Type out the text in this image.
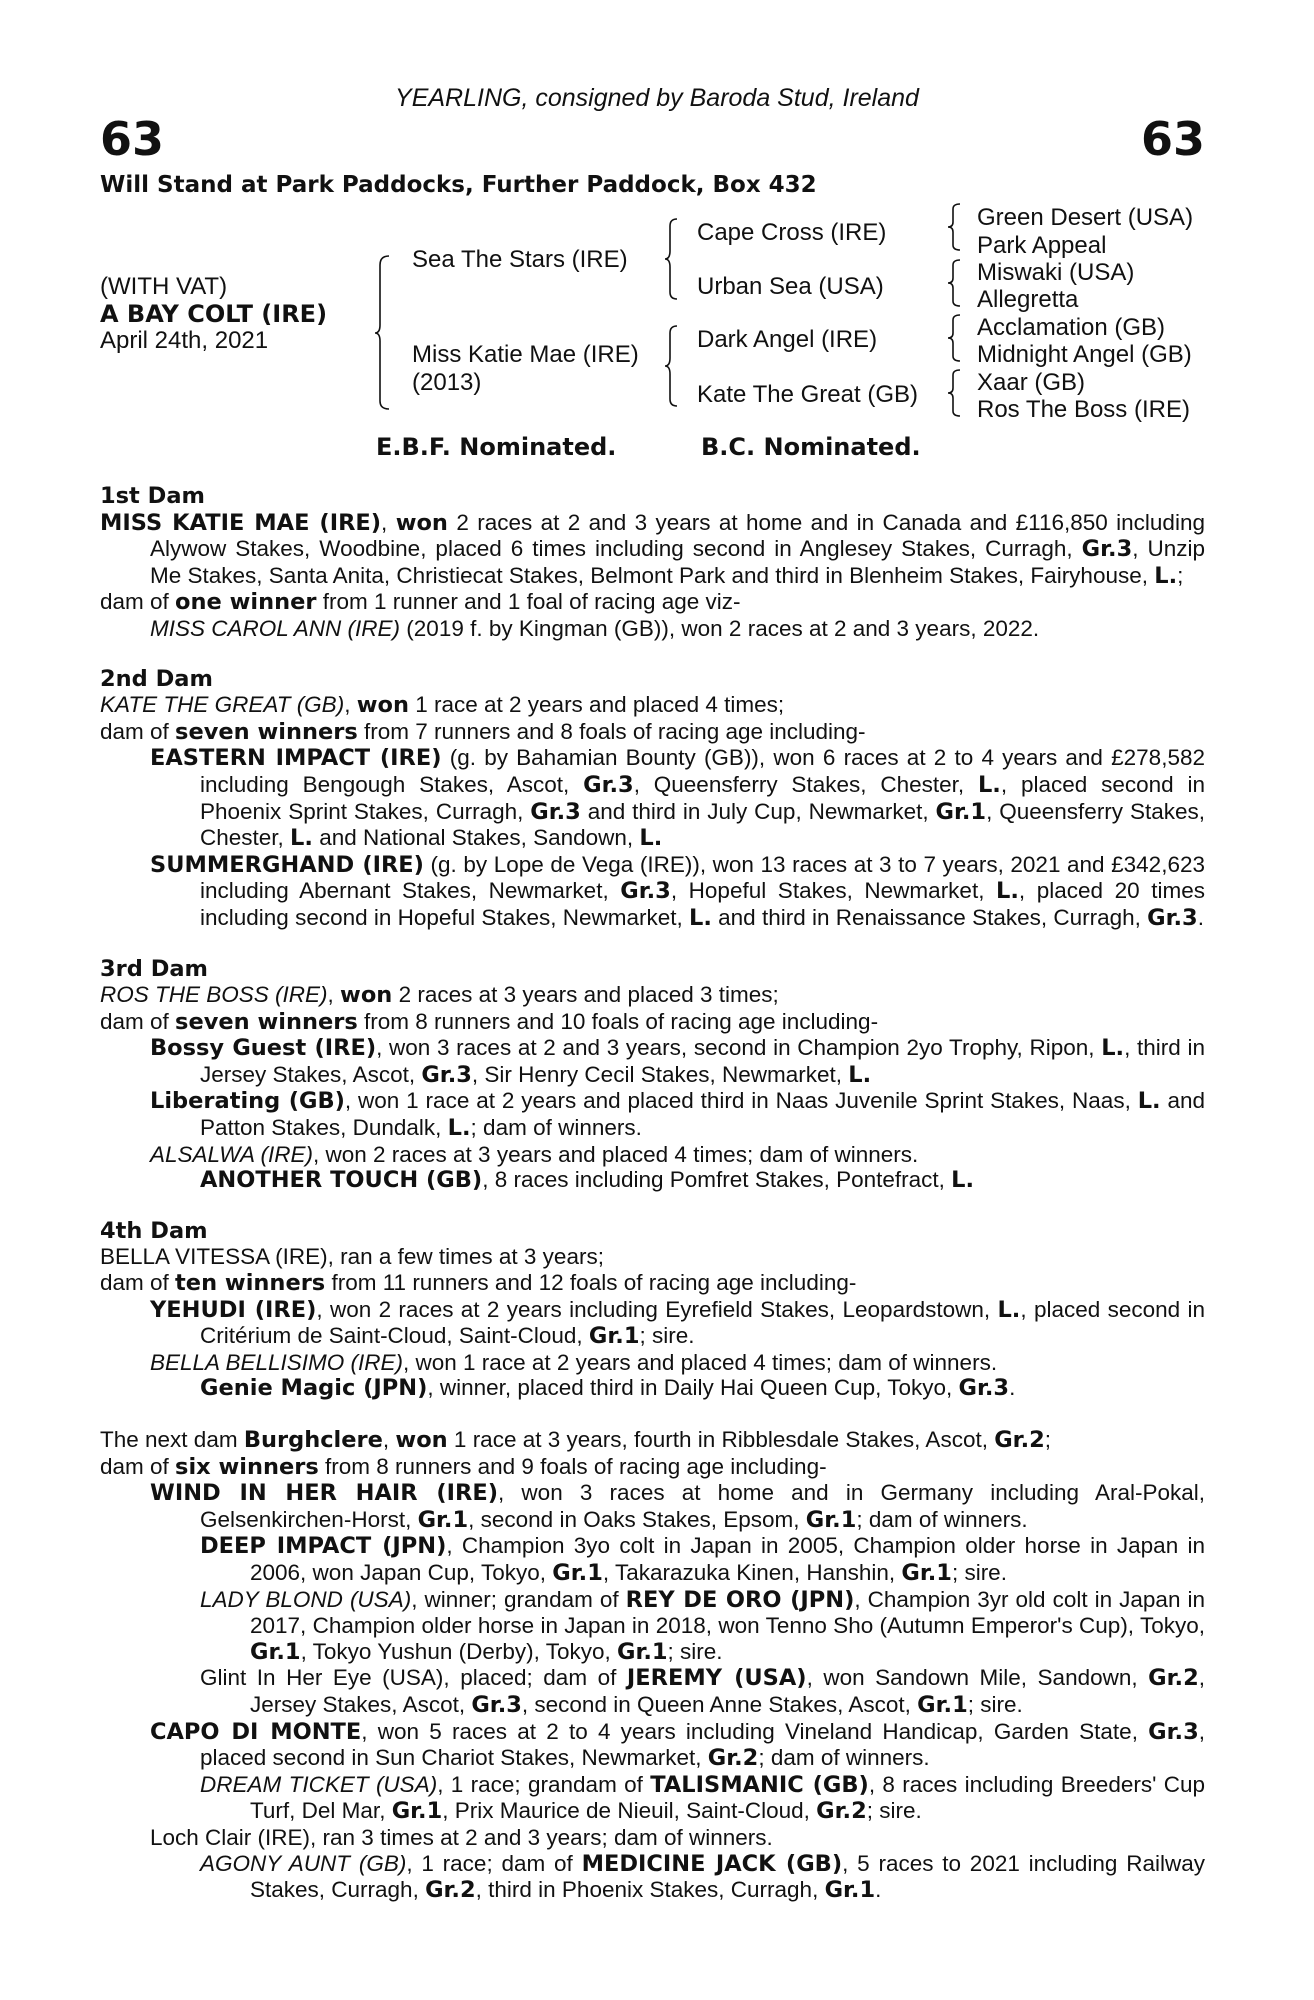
63	63
YEARLING, consigned by Baroda Stud, Ireland
Will Stand at Park Paddocks, Further Paddock, Box 432
(WITH VAT)
A BAY COLT (IRE)
April 24th, 2021
Sea The Stars (IRE)
Miss Katie Mae (IRE)
(2013)
Cape Cross (IRE)
Urban Sea (USA)
Dark Angel (IRE)
Kate The Great (GB)
Green Desert (USA)
Park Appeal
Miswaki (USA)
Allegretta
Acclamation (GB)
Midnight Angel (GB)
Xaar (GB)
Ros The Boss (IRE)
E.B.F. Nominated.	B.C. Nominated.
1st Dam
MISS KATIE MAE (IRE), won 2 races at 2 and 3 years at home and in Canada and £116,850 including Alywow Stakes, Woodbine, placed 6 times including second in Anglesey Stakes, Curragh, Gr.3, Unzip Me Stakes, Santa Anita, Christiecat Stakes, Belmont Park and third in Blenheim Stakes, Fairyhouse, L.;
dam of one winner from 1 runner and 1 foal of racing age viz-
MISS CAROL ANN (IRE) (2019 f. by Kingman (GB)), won 2 races at 2 and 3 years, 2022.
2nd Dam
KATE THE GREAT (GB), won 1 race at 2 years and placed 4 times;
dam of seven winners from 7 runners and 8 foals of racing age including-
EASTERN IMPACT (IRE) (g. by Bahamian Bounty (GB)), won 6 races at 2 to 4 years and £278,582 including Bengough Stakes, Ascot, Gr.3, Queensferry Stakes, Chester, L., placed second in Phoenix Sprint Stakes, Curragh, Gr.3 and third in July Cup, Newmarket, Gr.1, Queensferry Stakes, Chester, L. and National Stakes, Sandown, L.
SUMMERGHAND (IRE) (g. by Lope de Vega (IRE)), won 13 races at 3 to 7 years, 2021 and £342,623 including Abernant Stakes, Newmarket, Gr.3, Hopeful Stakes, Newmarket, L., placed 20 times including second in Hopeful Stakes, Newmarket, L. and third in Renaissance Stakes, Curragh, Gr.3.
3rd Dam
ROS THE BOSS (IRE), won 2 races at 3 years and placed 3 times;
dam of seven winners from 8 runners and 10 foals of racing age including-
Bossy Guest (IRE), won 3 races at 2 and 3 years, second in Champion 2yo Trophy, Ripon, L., third in Jersey Stakes, Ascot, Gr.3, Sir Henry Cecil Stakes, Newmarket, L.
Liberating (GB), won 1 race at 2 years and placed third in Naas Juvenile Sprint Stakes, Naas, L. and Patton Stakes, Dundalk, L.; dam of winners.
ALSALWA (IRE), won 2 races at 3 years and placed 4 times; dam of winners.
ANOTHER TOUCH (GB), 8 races including Pomfret Stakes, Pontefract, L.
4th Dam
BELLA VITESSA (IRE), ran a few times at 3 years;
dam of ten winners from 11 runners and 12 foals of racing age including-
YEHUDI (IRE), won 2 races at 2 years including Eyrefield Stakes, Leopardstown, L., placed second in Critérium de Saint-Cloud, Saint-Cloud, Gr.1; sire.
BELLA BELLISIMO (IRE), won 1 race at 2 years and placed 4 times; dam of winners.
Genie Magic (JPN), winner, placed third in Daily Hai Queen Cup, Tokyo, Gr.3.
The next dam Burghclere, won 1 race at 3 years, fourth in Ribblesdale Stakes, Ascot, Gr.2;
dam of six winners from 8 runners and 9 foals of racing age including-
WIND IN HER HAIR (IRE), won 3 races at home and in Germany including Aral-Pokal, Gelsenkirchen-Horst, Gr.1, second in Oaks Stakes, Epsom, Gr.1; dam of winners.
DEEP IMPACT (JPN), Champion 3yo colt in Japan in 2005, Champion older horse in Japan in 2006, won Japan Cup, Tokyo, Gr.1, Takarazuka Kinen, Hanshin, Gr.1; sire.
LADY BLOND (USA), winner; grandam of REY DE ORO (JPN), Champion 3yr old colt in Japan in 2017, Champion older horse in Japan in 2018, won Tenno Sho (Autumn Emperor's Cup), Tokyo, Gr.1, Tokyo Yushun (Derby), Tokyo, Gr.1; sire.
Glint In Her Eye (USA), placed; dam of JEREMY (USA), won Sandown Mile, Sandown, Gr.2, Jersey Stakes, Ascot, Gr.3, second in Queen Anne Stakes, Ascot, Gr.1; sire.
CAPO DI MONTE, won 5 races at 2 to 4 years including Vineland Handicap, Garden State, Gr.3, placed second in Sun Chariot Stakes, Newmarket, Gr.2; dam of winners.
DREAM TICKET (USA), 1 race; grandam of TALISMANIC (GB), 8 races including Breeders' Cup Turf, Del Mar, Gr.1, Prix Maurice de Nieuil, Saint-Cloud, Gr.2; sire.
Loch Clair (IRE), ran 3 times at 2 and 3 years; dam of winners.
AGONY AUNT (GB), 1 race; dam of MEDICINE JACK (GB), 5 races to 2021 including Railway Stakes, Curragh, Gr.2, third in Phoenix Stakes, Curragh, Gr.1.
